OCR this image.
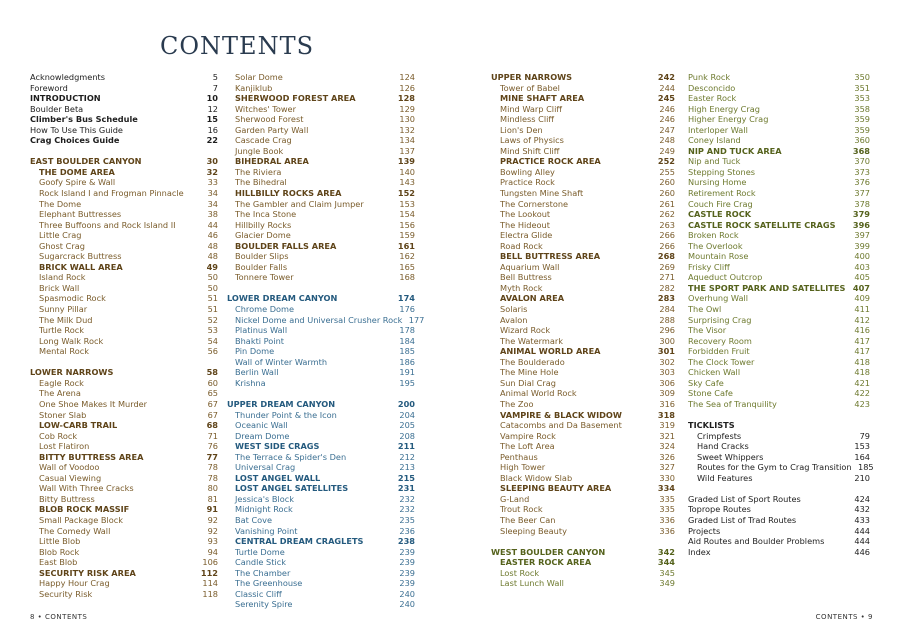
CONTENTS
Acknowledgments	5
Foreword	7
INTRODUCTION	10
Boulder Beta	12
Climber's Bus Schedule	15
How To Use This Guide	16
Crag Choices Guide	22
EAST BOULDER CANYON	30
THE DOME AREA	32
Goofy Spire & Wall	33
Rock Island I and Frogman Pinnacle	34
The Dome	34
Elephant Buttresses	38
Three Buffoons and Rock Island II	44
Little Crag	46
Ghost Crag	48
Sugarcrack Buttress	48
BRICK WALL AREA	49
Island Rock	50
Brick Wall	50
Spasmodic Rock	51
Sunny Pillar	51
The Milk Dud	52
Turtle Rock	53
Long Walk Rock	54
Mental Rock	56
LOWER NARROWS	58
Eagle Rock	60
The Arena	65
One Shoe Makes It Murder	67
Stoner Slab	67
LOW-CARB TRAIL	68
Cob Rock	71
Lost Flatiron	76
BITTY BUTTRESS AREA	77
Wall of Voodoo	78
Casual Viewing	78
Wall With Three Cracks	80
Bitty Buttress	81
BLOB ROCK MASSIF	91
Small Package Block	92
The Comedy Wall	92
Little Blob	93
Blob Rock	94
East Blob	106
SECURITY RISK AREA	112
Happy Hour Crag	114
Security Risk	118
Solar Dome	124
Kanjiklub	126
SHERWOOD FOREST AREA	128
Witches' Tower	129
Sherwood Forest	130
Garden Party Wall	132
Cascade Crag	134
Jungle Book	137
BIHEDRAL AREA	139
The Riviera	140
The Bihedral	143
HILLBILLY ROCKS AREA	152
The Gambler and Claim Jumper	153
The Inca Stone	154
Hillbilly Rocks	156
Glacier Dome	159
BOULDER FALLS AREA	161
Boulder Slips	162
Boulder Falls	165
Tonnere Tower	168
LOWER DREAM CANYON	174
Chrome Dome	176
Nickel Dome and Universal Crusher Rock 177
Platinus Wall	178
Bhakti Point	184
Pin Dome	185
Wall of Winter Warmth	186
Berlin Wall	191
Krishna	195
UPPER DREAM CANYON	200
Thunder Point & the Icon	204
Oceanic Wall	205
Dream Dome	208
WEST SIDE CRAGS	211
The Terrace & Spider's Den	212
Universal Crag	213
LOST ANGEL WALL	215
LOST ANGEL SATELLITES	231
Jessica's Block	232
Midnight Rock	232
Bat Cove	235
Vanishing Point	236
CENTRAL DREAM CRAGLETS	238
Turtle Dome	239
Candle Stick	239
The Chamber	239
The Greenhouse	239
Classic Cliff	240
Serenity Spire	240
UPPER NARROWS	242
Tower of Babel	244
MINE SHAFT AREA	245
Mind Warp Cliff	246
Mindless Cliff	246
Lion's Den	247
Laws of Physics	248
Mind Shift Cliff	249
PRACTICE ROCK AREA	252
Bowling Alley	255
Practice Rock	260
Tungsten Mine Shaft	260
The Cornerstone	261
The Lookout	262
The Hideout	263
Electra Glide	266
Road Rock	266
BELL BUTTRESS AREA	268
Aquarium Wall	269
Bell Buttress	271
Myth Rock	282
AVALON AREA	283
Solaris	284
Avalon	288
Wizard Rock	296
The Watermark	300
ANIMAL WORLD AREA	301
The Boulderado	302
The Mine Hole	303
Sun Dial Crag	306
Animal World Rock	309
The Zoo	316
VAMPIRE & BLACK WIDOW	318
Catacombs and Da Basement	319
Vampire Rock	321
The Loft Area	324
Penthaus	326
High Tower	327
Black Widow Slab	330
SLEEPING BEAUTY AREA	334
G-Land	335
Trout Rock	335
The Beer Can	336
Sleeping Beauty	336
WEST BOULDER CANYON	342
EASTER ROCK AREA	344
Lost Rock	345
Last Lunch Wall	349
Punk Rock	350
Desconcido	351
Easter Rock	353
High Energy Crag	358
Higher Energy Crag	359
Interloper Wall	359
Coney Island	360
NIP AND TUCK AREA	368
Nip and Tuck	370
Stepping Stones	373
Nursing Home	376
Retirement Rock	377
Couch Fire Crag	378
CASTLE ROCK	379
CASTLE ROCK SATELLITE CRAGS	396
Broken Rock	397
The Overlook	399
Mountain Rose	400
Frisky Cliff	403
Aqueduct Outcrop	405
THE SPORT PARK AND SATELLITES 407
Overhung Wall	409
The Owl	411
Surprising Crag	412
The Visor	416
Recovery Room	417
Forbidden Fruit	417
The Clock Tower	418
Chicken Wall	418
Sky Cafe	421
Stone Cafe	422
The Sea of Tranquility	423
TICKLISTS
Crimpfests	79
Hand Cracks	153
Sweet Whippers	164
Routes for the Gym to Crag Transition 185
Wild Features	210
Graded List of Sport Routes	424
Toprope Routes	432
Graded List of Trad Routes	433
Projects	444
Aid Routes and Boulder Problems	444
Index	446
8 • CONTENTS	CONTENTS • 9
